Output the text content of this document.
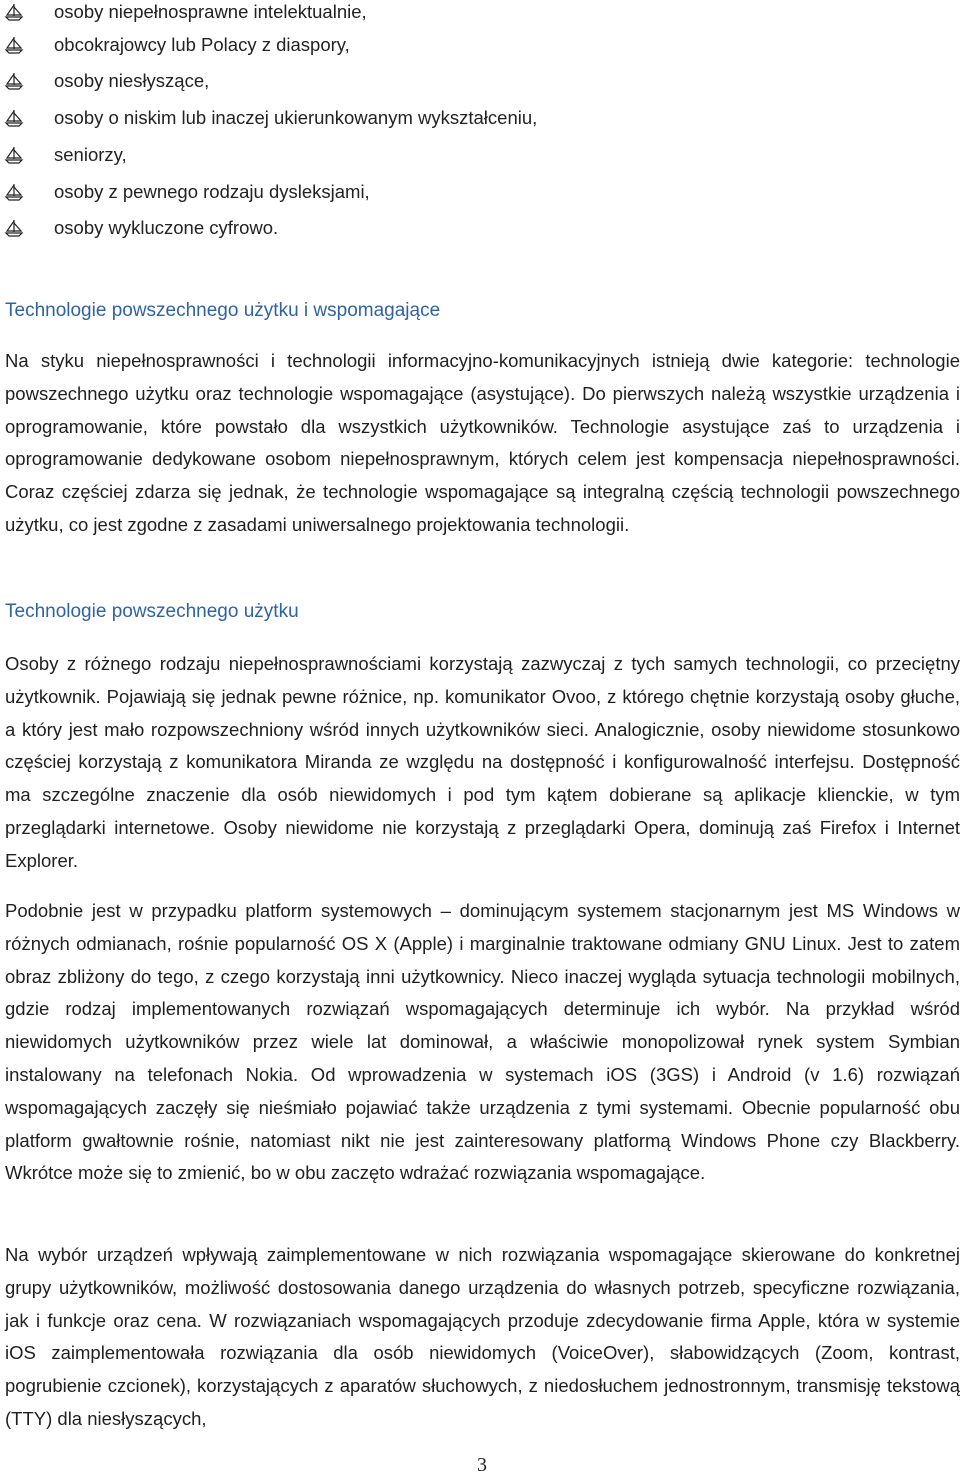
osoby niepełnosprawne intelektualnie,
obcokrajowcy lub Polacy z diaspory,
osoby niesłyszące,
osoby o niskim lub inaczej ukierunkowanym wykształceniu,
seniorzy,
osoby z pewnego rodzaju dysleksjami,
osoby wykluczone cyfrowo.
Technologie powszechnego użytku i wspomagające

Na styku niepełnosprawności i technologii informacyjno-komunikacyjnych istnieją dwie kategorie: technologie powszechnego użytku oraz technologie wspomagające (asystujące). Do pierwszych należą wszystkie urządzenia i oprogramowanie, które powstało dla wszystkich użytkowników. Technologie asystujące zaś to urządzenia i oprogramowanie dedykowane osobom niepełnosprawnym, których celem jest kompensacja niepełnosprawności. Coraz częściej zdarza się jednak, że technologie wspomagające są integralną częścią technologii powszechnego użytku, co jest zgodne z zasadami uniwersalnego projektowania technologii.

Technologie powszechnego użytku

Osoby z różnego rodzaju niepełnosprawnościami korzystają zazwyczaj z tych samych technologii, co przeciętny użytkownik. Pojawiają się jednak pewne różnice, np. komunikator Ovoo, z którego chętnie korzystają osoby głuche, a który jest mało rozpowszechniony wśród innych użytkowników sieci. Analogicznie, osoby niewidome stosunkowo częściej korzystają z komunikatora Miranda ze względu na dostępność i konfigurowalność interfejsu. Dostępność ma szczególne znaczenie dla osób niewidomych i pod tym kątem dobierane są aplikacje klienckie, w tym przeglądarki internetowe. Osoby niewidome nie korzystają z przeglądarki Opera, dominują zaś Firefox i Internet Explorer.

Podobnie jest w przypadku platform systemowych – dominującym systemem stacjonarnym jest MS Windows w różnych odmianach, rośnie popularność OS X (Apple) i marginalnie traktowane odmiany GNU Linux. Jest to zatem obraz zbliżony do tego, z czego korzystają inni użytkownicy. Nieco inaczej wygląda sytuacja technologii mobilnych, gdzie rodzaj implementowanych rozwiązań wspomagających determinuje ich wybór. Na przykład wśród niewidomych użytkowników przez wiele lat dominował, a właściwie monopolizował rynek system Symbian instalowany na telefonach Nokia. Od wprowadzenia w systemach iOS (3GS) i Android (v 1.6) rozwiązań wspomagających zaczęły się nieśmiało pojawiać także urządzenia z tymi systemami. Obecnie popularność obu platform gwałtownie rośnie, natomiast nikt nie jest zainteresowany platformą Windows Phone czy Blackberry. Wkrótce może się to zmienić, bo w obu zaczęto wdrażać rozwiązania wspomagające.

Na wybór urządzeń wpływają zaimplementowane w nich rozwiązania wspomagające skierowane do konkretnej grupy użytkowników, możliwość dostosowania danego urządzenia do własnych potrzeb, specyficzne rozwiązania, jak i funkcje oraz cena. W rozwiązaniach wspomagających przoduje zdecydowanie firma Apple, która w systemie iOS zaimplementowała rozwiązania dla osób niewidomych (VoiceOver), słabowidzących (Zoom, kontrast, pogrubienie czcionek), korzystających z aparatów słuchowych, z niedosłuchem jednostronnym, transmisję tekstową (TTY) dla niesłyszących,

3
